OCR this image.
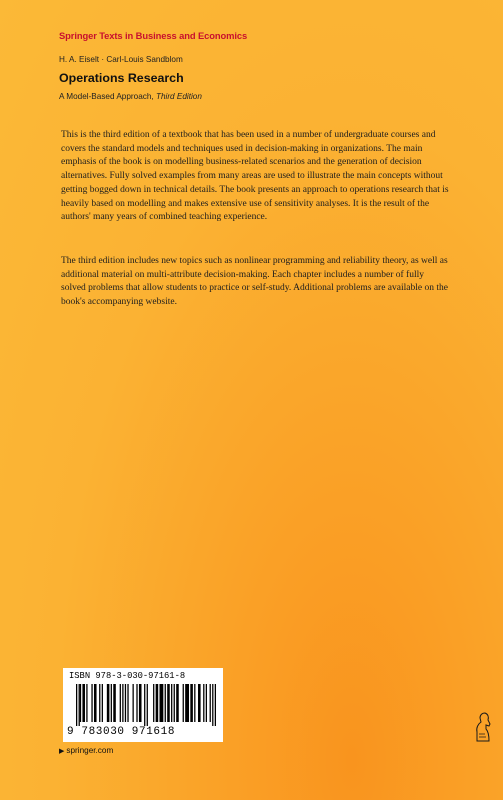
Springer Texts in Business and Economics
H. A. Eiselt · Carl-Louis Sandblom
Operations Research
A Model-Based Approach, Third Edition

This is the third edition of a textbook that has been used in a number of undergraduate courses and covers the standard models and techniques used in decision-making in organizations. The main emphasis of the book is on modelling business-related scenarios and the generation of decision alternatives. Fully solved examples from many areas are used to illustrate the main concepts without getting bogged down in technical details. The book presents an approach to operations research that is heavily based on modelling and makes extensive use of sensitivity analyses. It is the result of the authors' many years of combined teaching experience.

The third edition includes new topics such as nonlinear programming and reliability theory, as well as additional material on multi-attribute decision-making. Each chapter includes a number of fully solved problems that allow students to practice or self-study. Additional problems are available on the book's accompanying website.

ISBN 978-3-030-97161-8
9 783030 971618
▶ springer.com
